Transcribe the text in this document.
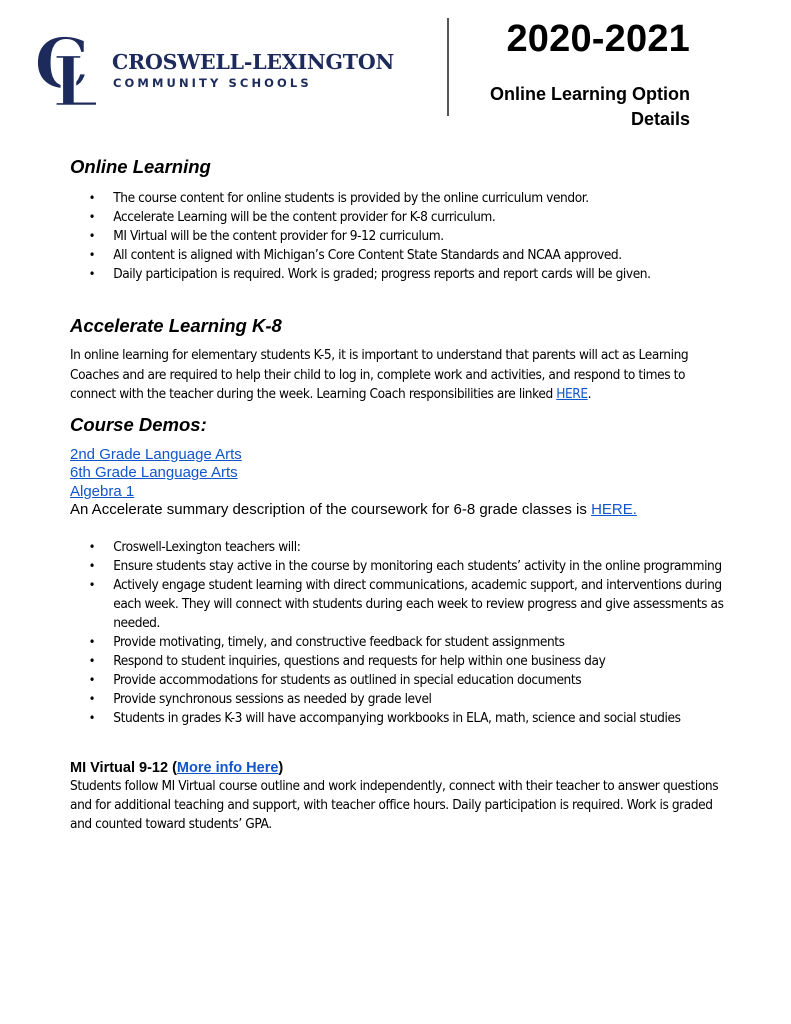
C
L CROSWELL-LEXINGTON
COMMUNITY SCHOOLS
2020-2021
Online Learning Option
Details
Online Learning
• The course content for online students is provided by the online curriculum vendor.
• Accelerate Learning will be the content provider for K-8 curriculum.
• MI Virtual will be the content provider for 9-12 curriculum.
• All content is aligned with Michigan’s Core Content State Standards and NCAA approved.
• Daily participation is required. Work is graded; progress reports and report cards will be given.
Accelerate Learning K-8

In online learning for elementary students K-5, it is important to understand that parents will act as Learning Coaches and are required to help their child to log in, complete work and activities, and respond to times to connect with the teacher during the week. Learning Coach responsibilities are linked HERE.

Course Demos:
2nd Grade Language Arts
6th Grade Language Arts
Algebra 1
An Accelerate summary description of the coursework for 6-8 grade classes is HERE.
• Croswell-Lexington teachers will:
• Ensure students stay active in the course by monitoring each students’ activity in the online programming
• Actively engage student learning with direct communications, academic support, and interventions during each week. They will connect with students during each week to review progress and give assessments as needed.
• Provide motivating, timely, and constructive feedback for student assignments
• Respond to student inquiries, questions and requests for help within one business day
• Provide accommodations for students as outlined in special education documents
• Provide synchronous sessions as needed by grade level
• Students in grades K-3 will have accompanying workbooks in ELA, math, science and social studies
MI Virtual 9-12 (More info Here)

Students follow MI Virtual course outline and work independently, connect with their teacher to answer questions and for additional teaching and support, with teacher office hours. Daily participation is required. Work is graded and counted toward students’ GPA.
